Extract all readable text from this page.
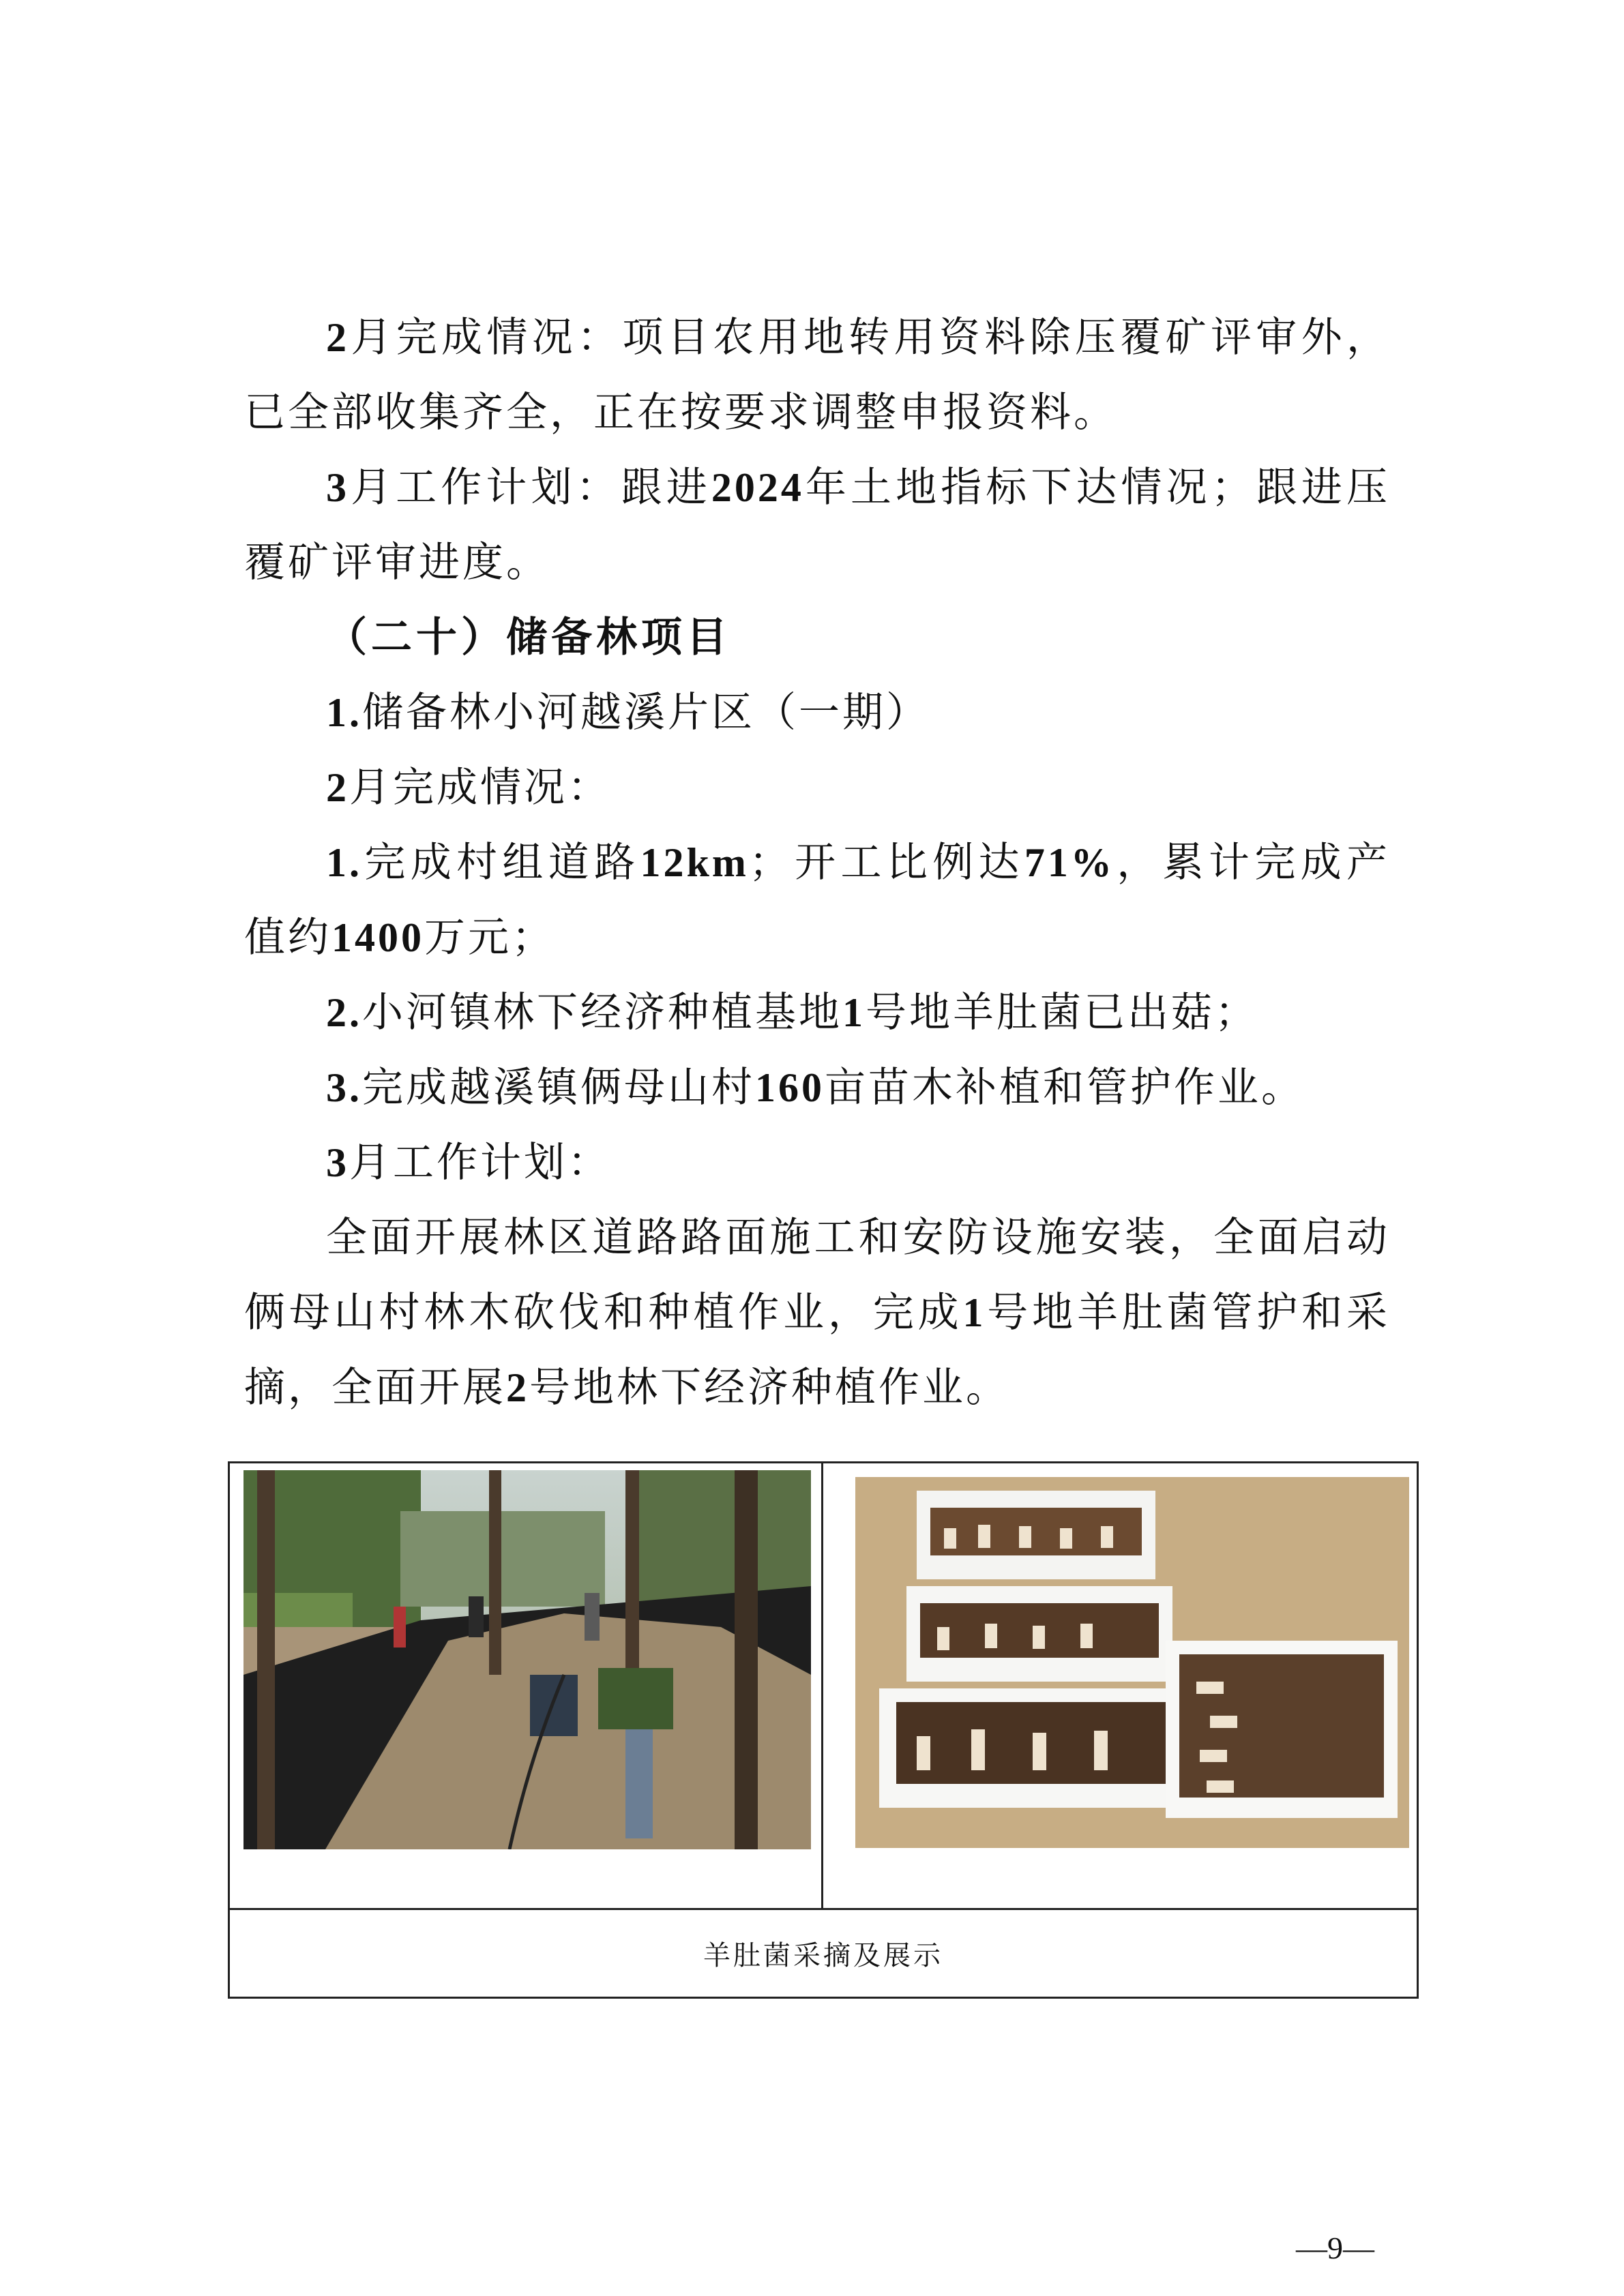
2月完成情况：项目农用地转用资料除压覆矿评审外，已全部收集齐全，正在按要求调整申报资料。

3月工作计划：跟进2024年土地指标下达情况；跟进压覆矿评审进度。

（二十）储备林项目

1.储备林小河越溪片区（一期）

2月完成情况：

1.完成村组道路12km；开工比例达71%，累计完成产值约1400万元；

2.小河镇林下经济种植基地1号地羊肚菌已出菇；

3.完成越溪镇俩母山村160亩苗木补植和管护作业。

3月工作计划：

全面开展林区道路路面施工和安防设施安装，全面启动俩母山村林木砍伐和种植作业，完成1号地羊肚菌管护和采摘，全面开展2号地林下经济种植作业。

羊肚菌采摘及展示
—9—
